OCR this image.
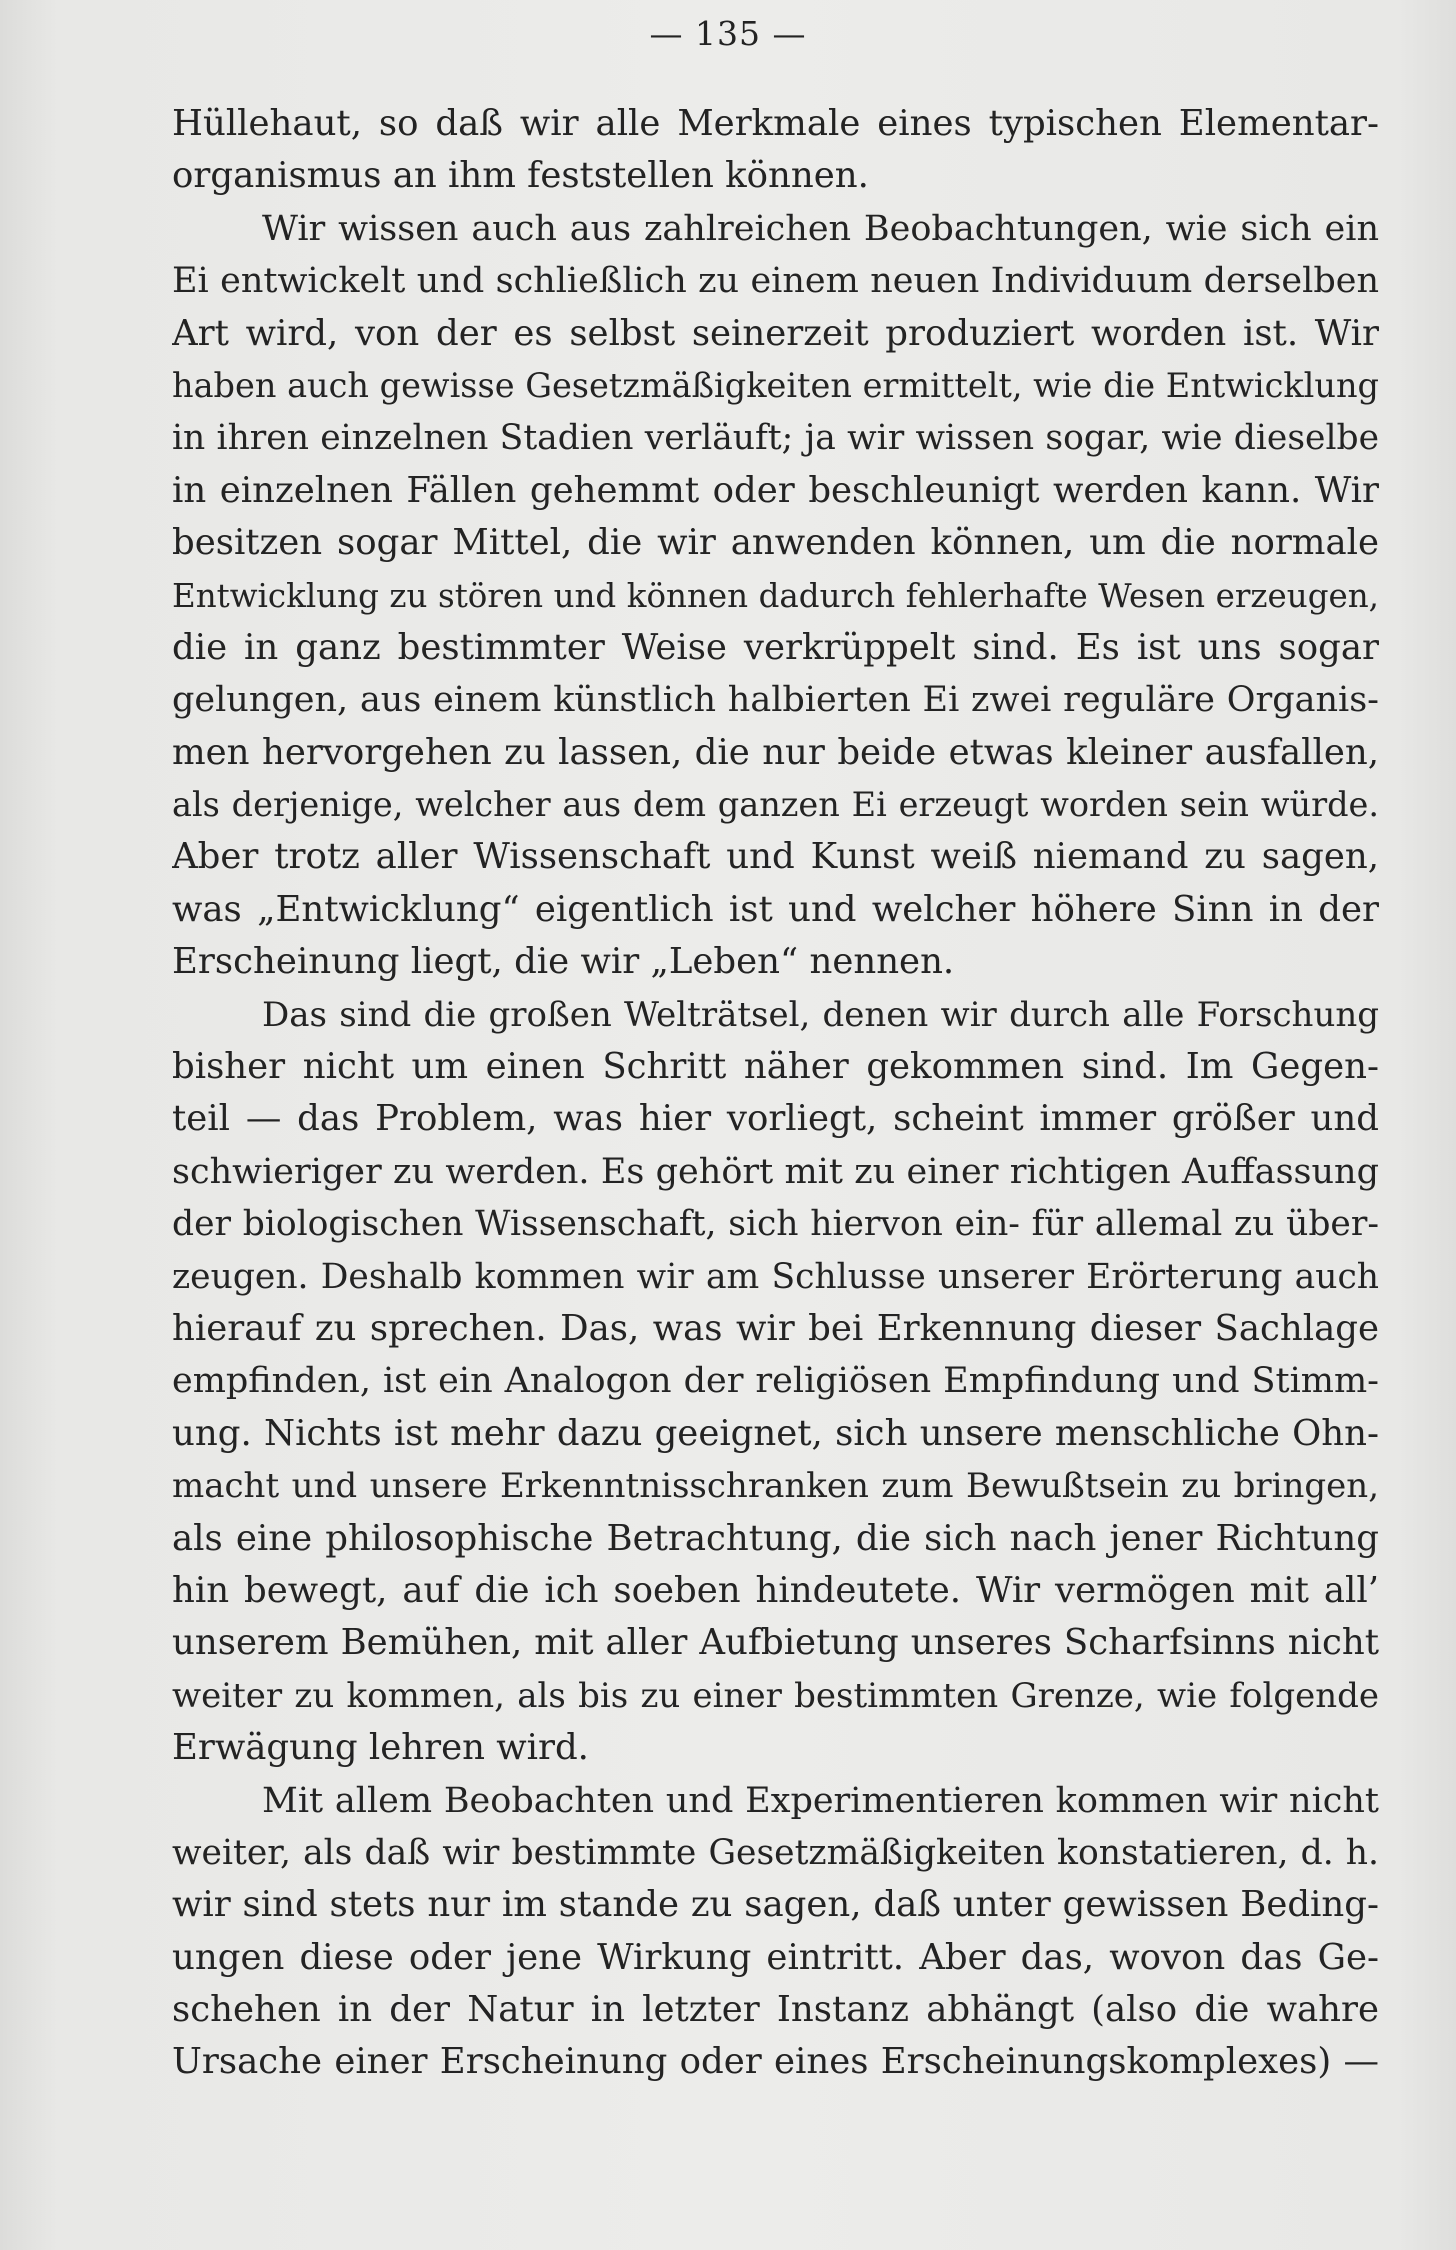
— 135 —
Hüllehaut, so daß wir alle Merkmale eines typischen Elementar-
organismus an ihm feststellen können.
Wir wissen auch aus zahlreichen Beobachtungen, wie sich ein
Ei entwickelt und schließlich zu einem neuen Individuum derselben
Art wird, von der es selbst seinerzeit produziert worden ist. Wir
haben auch gewisse Gesetzmäßigkeiten ermittelt, wie die Entwicklung
in ihren einzelnen Stadien verläuft; ja wir wissen sogar, wie dieselbe
in einzelnen Fällen gehemmt oder beschleunigt werden kann. Wir
besitzen sogar Mittel, die wir anwenden können, um die normale
Entwicklung zu stören und können dadurch fehlerhafte Wesen erzeugen,
die in ganz bestimmter Weise verkrüppelt sind. Es ist uns sogar
gelungen, aus einem künstlich halbierten Ei zwei reguläre Organis-
men hervorgehen zu lassen, die nur beide etwas kleiner ausfallen,
als derjenige, welcher aus dem ganzen Ei erzeugt worden sein würde.
Aber trotz aller Wissenschaft und Kunst weiß niemand zu sagen,
was „Entwicklung“ eigentlich ist und welcher höhere Sinn in der
Erscheinung liegt, die wir „Leben“ nennen.
Das sind die großen Welträtsel, denen wir durch alle Forschung
bisher nicht um einen Schritt näher gekommen sind. Im Gegen-
teil — das Problem, was hier vorliegt, scheint immer größer und
schwieriger zu werden. Es gehört mit zu einer richtigen Auffassung
der biologischen Wissenschaft, sich hiervon ein- für allemal zu über-
zeugen. Deshalb kommen wir am Schlusse unserer Erörterung auch
hierauf zu sprechen. Das, was wir bei Erkennung dieser Sachlage
empfinden, ist ein Analogon der religiösen Empfindung und Stimm-
ung. Nichts ist mehr dazu geeignet, sich unsere menschliche Ohn-
macht und unsere Erkenntnisschranken zum Bewußtsein zu bringen,
als eine philosophische Betrachtung, die sich nach jener Richtung
hin bewegt, auf die ich soeben hindeutete. Wir vermögen mit all’
unserem Bemühen, mit aller Aufbietung unseres Scharfsinns nicht
weiter zu kommen, als bis zu einer bestimmten Grenze, wie folgende
Erwägung lehren wird.
Mit allem Beobachten und Experimentieren kommen wir nicht
weiter, als daß wir bestimmte Gesetzmäßigkeiten konstatieren, d. h.
wir sind stets nur im stande zu sagen, daß unter gewissen Beding-
ungen diese oder jene Wirkung eintritt. Aber das, wovon das Ge-
schehen in der Natur in letzter Instanz abhängt (also die wahre
Ursache einer Erscheinung oder eines Erscheinungskomplexes) —
